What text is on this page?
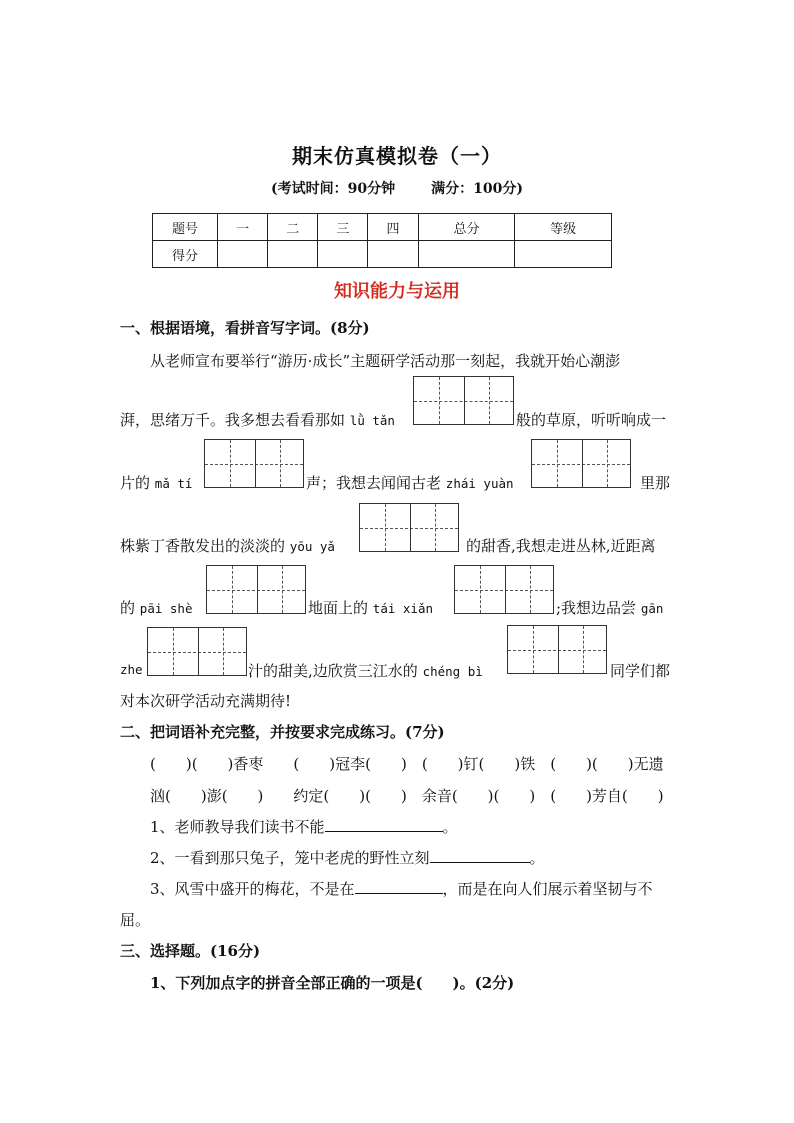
期末仿真模拟卷（一）
(考试时间：90分钟	满分：100分)
题号	一	二	三	四	总分	等级
得分						
知识能力与运用
一、根据语境，看拼音写字词。(8分)
从老师宣布要举行“游历·成长”主题研学活动那一刻起，我就开始心潮澎
湃，思绪万千。我多想去看看那如 lǜ tǎn	般的草原，听听响成一
片的 mǎ tí	声；我想去闻闻古老 zhái yuàn	里那
株紫丁香散发出的淡淡的 yōu yǎ	的甜香,我想走进丛林,近距离
的 pāi shè	地面上的 tái xiǎn	;我想边品尝 gān
zhe	汁的甜美,边欣赏三江水的 chéng bì	同学们都
对本次研学活动充满期待!
二、把词语补充完整，并按要求完成练习。(7分)
(　　)(　　)香枣　　(　　)冠李(　　)　(　　)钉(　　)铁　(　　)(　　)无遗
汹(　　)澎(　　)　　约定(　　)(　　)　余音(　　)(　　)　(　　)芳自(　　)
1、老师教导我们读书不能	。
2、一看到那只兔子，笼中老虎的野性立刻	。
3、风雪中盛开的梅花，不是在	，而是在向人们展示着坚韧与不
屈。
三、选择题。(16分)
1、下列加点字的拼音全部正确的一项是(　　)。(2分)
